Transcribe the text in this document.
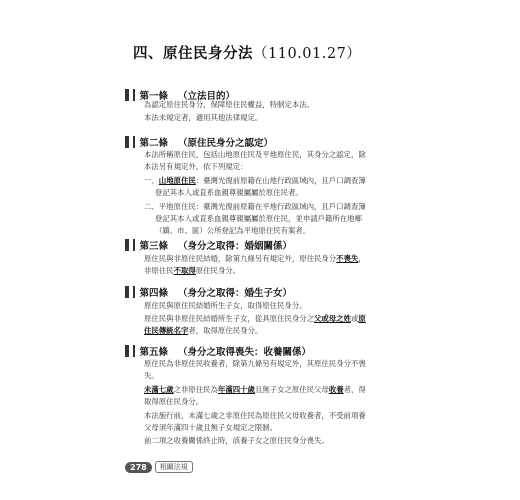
四、原住民身分法（110.01.27）
第一條 （立法目的）
第二條 （原住民身分之認定）
第三條 （身分之取得：婚姻關係）
第四條 （身分之取得：婚生子女）
第五條 （身分之取得喪失：收養關係）
為認定原住民身分，保障原住民權益，特制定本法。
本法未規定者，適用其他法律規定。
本法所稱原住民，包括山地原住民及平地原住民，其身分之認定，除
本法另有規定外，依下列規定：
一、山地原住民：臺灣光復前原籍在山地行政區域內，且戶口調查簿
登記其本人或直系血親尊親屬屬於原住民者。
二、平地原住民：臺灣光復前原籍在平地行政區域內，且戶口調查簿
登記其本人或直系血親尊親屬屬於原住民，並申請戶籍所在地鄉
（鎮、市、區）公所登記為平地原住民有案者。
原住民與非原住民結婚，除第九條另有規定外，原住民身分不喪失，
非原住民不取得原住民身分。
原住民與原住民結婚所生子女，取得原住民身分。
原住民與非原住民結婚所生子女，從具原住民身分之父或母之姓或原
住民傳統名字者，取得原住民身分。
原住民為非原住民收養者，除第九條另有規定外，其原住民身分不喪
失。
未滿七歲之非原住民為年滿四十歲且無子女之原住民父母收養者，得
取得原住民身分。
本法施行前，未滿七歲之非原住民為原住民父母收養者，不受前項養
父母須年滿四十歲且無子女規定之限制。
前二項之收養關係終止時，該養子女之原住民身分喪失。
278	相關法規
